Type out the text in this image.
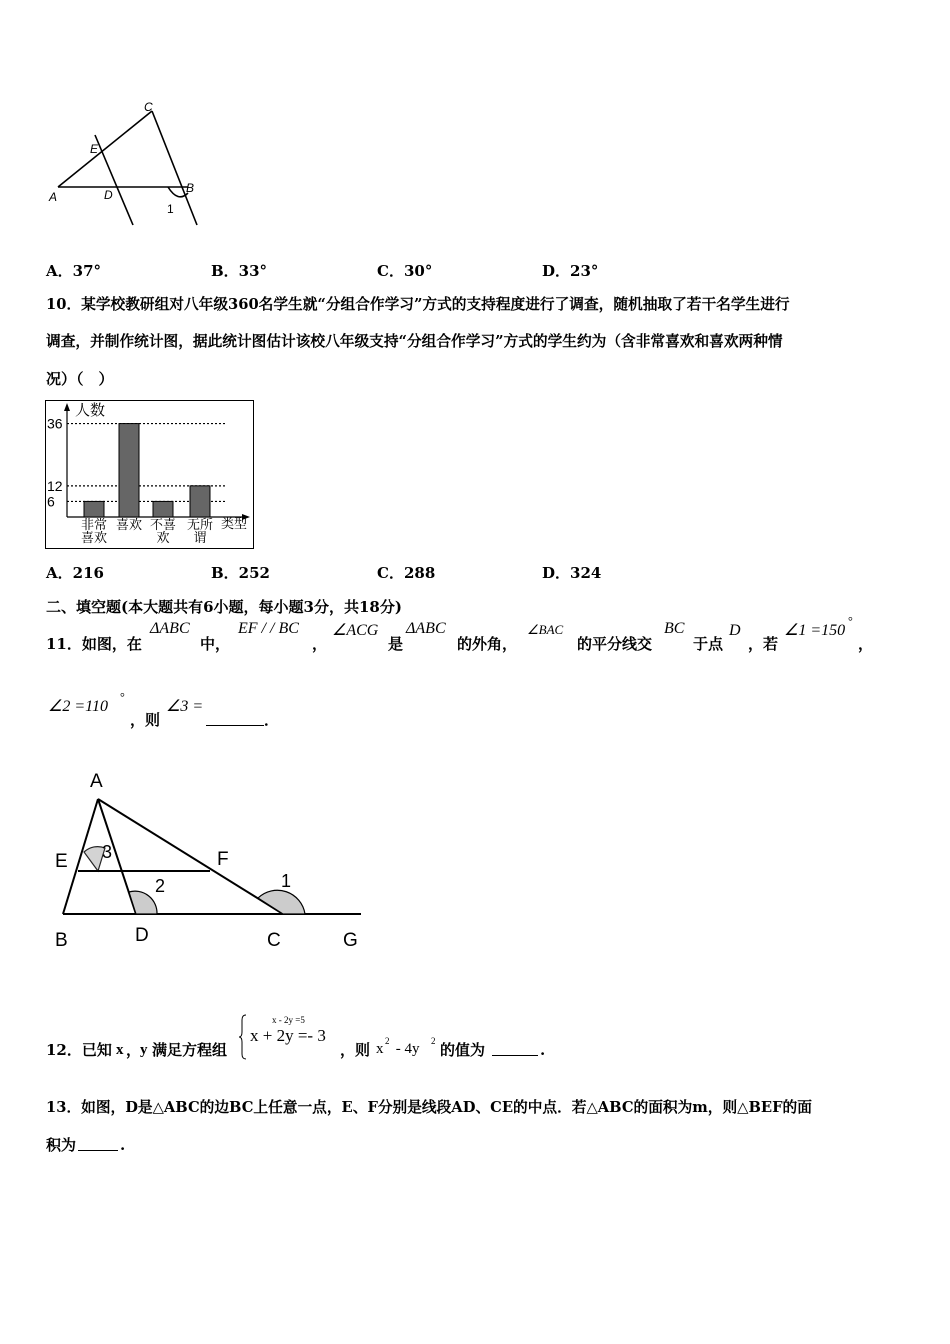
C
E
A	D	B
1
A．37°	B．33°	C．30°	D．23°
10．某学校教研组对八年级360名学生就“分组合作学习”方式的支持程度进行了调查，随机抽取了若干名学生进行
调查，并制作统计图，据此统计图估计该校八年级支持“分组合作学习”方式的学生约为（含非常喜欢和喜欢两种情
况）（　）
人数
类型
6
12
36
非常
喜欢
喜欢 不喜
欢
无所
谓
A．216	B．252	C．288	D．324
二、填空题(本大题共有6小题，每小题3分，共18分)
11．如图，在
ΔABC
中，
EF / / BC
，
∠ACG
是
ΔABC
的外角，
∠BAC
的平分线交
BC
于点
D
，若
∠1 =150
°
，
∠2 =110
°
，则
∠3 =
．
A
E	F
B	D	C	G
1
2
3
12．已知 x ，
y 满足方程组
x - 2y =5
x + 2y =- 3
，则 x 2 - 4y 2 的值为	.
13．如图，D是△ABC的边BC上任意一点，E、F分别是线段AD、CE的中点．若△ABC的面积为m，则△BEF的面
积为	.
